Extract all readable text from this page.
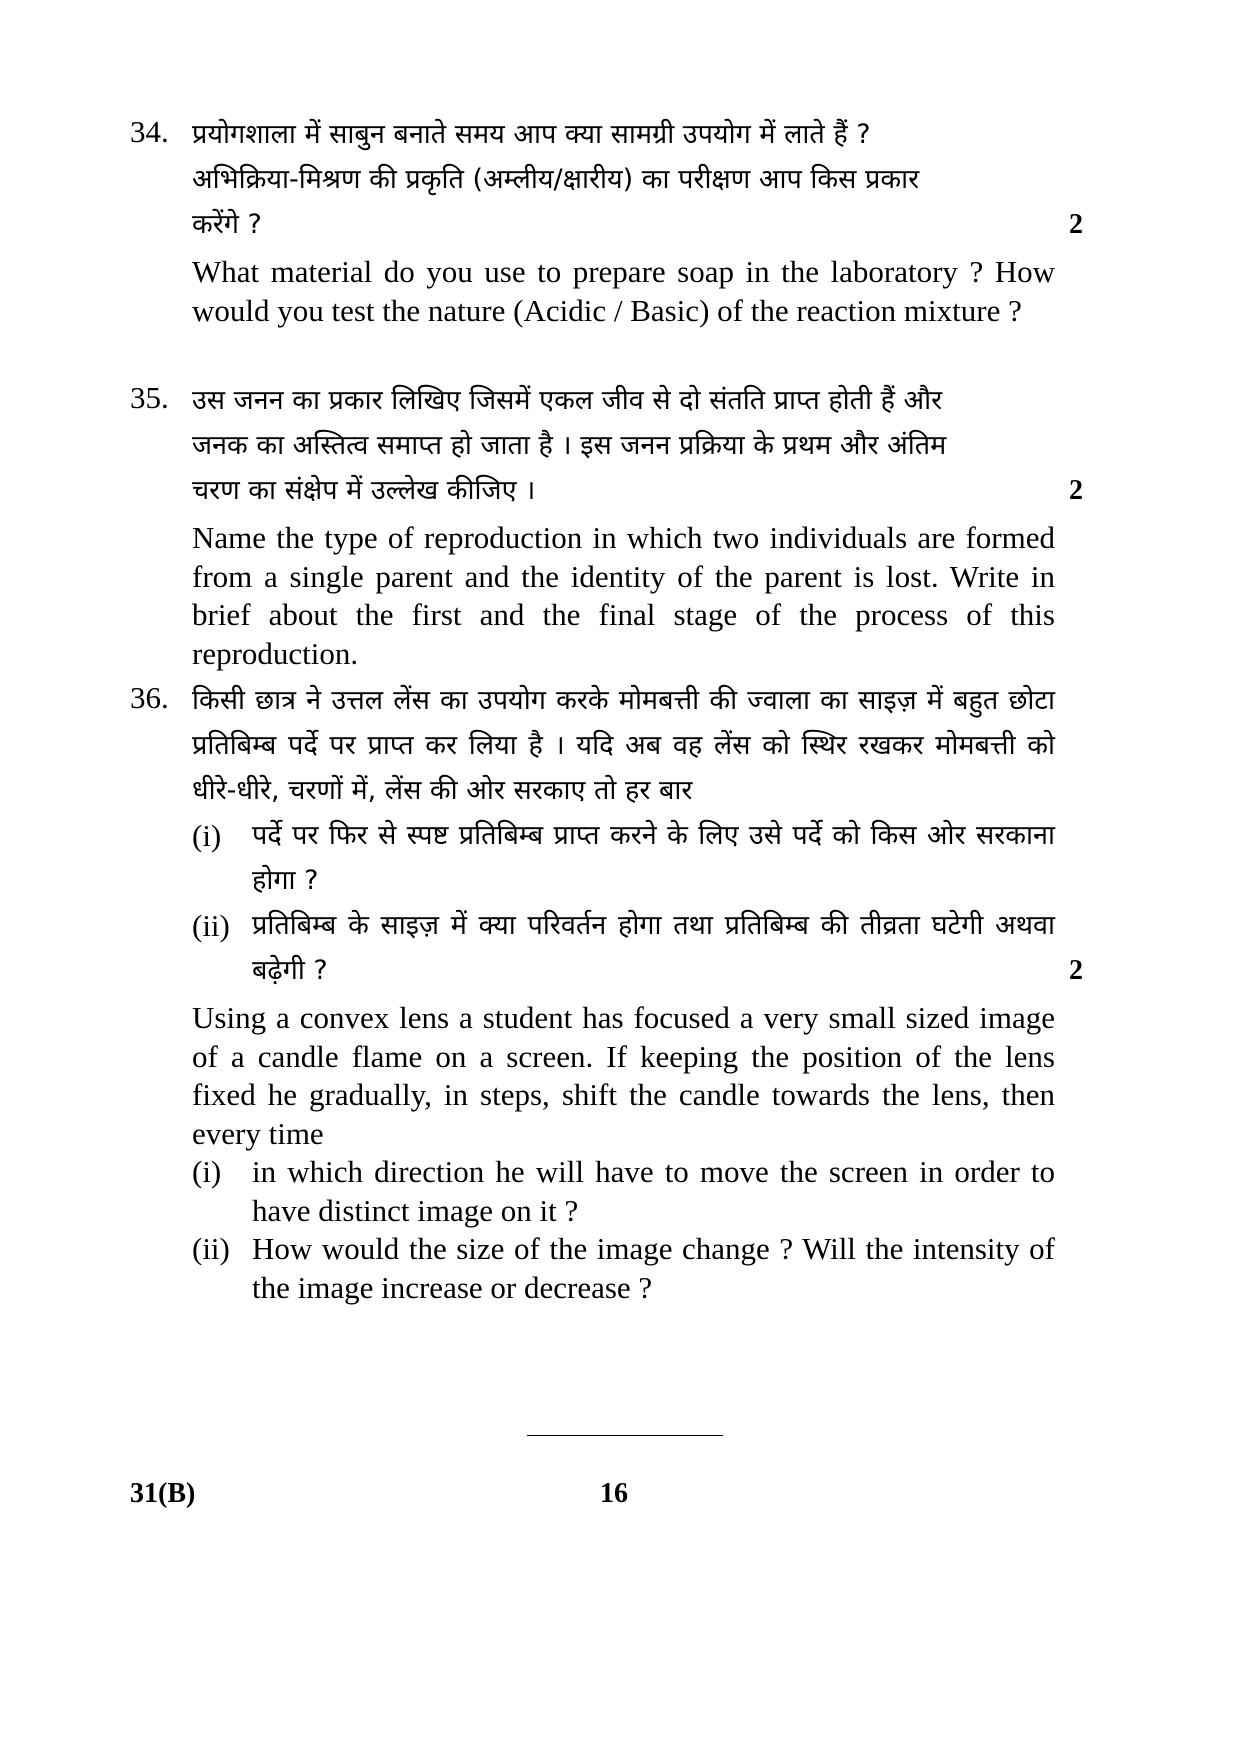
34. प्रयोगशाला में साबुन बनाते समय आप क्या सामग्री उपयोग में लाते हैं ?

अभिक्रिया-मिश्रण की प्रकृति (अम्लीय/क्षारीय) का परीक्षण आप किस प्रकार

करेंगे ?	2

What material do you use to prepare soap in the laboratory ? How would you test the nature (Acidic / Basic) of the reaction mixture ?

35. उस जनन का प्रकार लिखिए जिसमें एकल जीव से दो संतति प्राप्त होती हैं और

जनक का अस्तित्व समाप्त हो जाता है । इस जनन प्रक्रिया के प्रथम और अंतिम

चरण का संक्षेप में उल्लेख कीजिए ।	2

Name the type of reproduction in which two individuals are formed from a single parent and the identity of the parent is lost. Write in brief about the first and the final stage of the process of this reproduction.

36. किसी छात्र ने उत्तल लेंस का उपयोग करके मोमबत्ती की ज्वाला का साइज़ में बहुत छोटा प्रतिबिम्ब पर्दे पर प्राप्त कर लिया है । यदि अब वह लेंस को स्थिर रखकर मोमबत्ती को धीरे-धीरे, चरणों में, लेंस की ओर सरकाए तो हर बार

(i) पर्दे पर फिर से स्पष्ट प्रतिबिम्ब प्राप्त करने के लिए उसे पर्दे को किस ओर सरकाना होगा ?
(ii) प्रतिबिम्ब के साइज़ में क्या परिवर्तन होगा तथा प्रतिबिम्ब की तीव्रता घटेगी अथवा बढ़ेगी ?	2

Using a convex lens a student has focused a very small sized image of a candle flame on a screen. If keeping the position of the lens fixed he gradually, in steps, shift the candle towards the lens, then every time

(i) in which direction he will have to move the screen in order to have distinct image on it ?
(ii) How would the size of the image change ? Will the intensity of the image increase or decrease ?
31(B)	16
